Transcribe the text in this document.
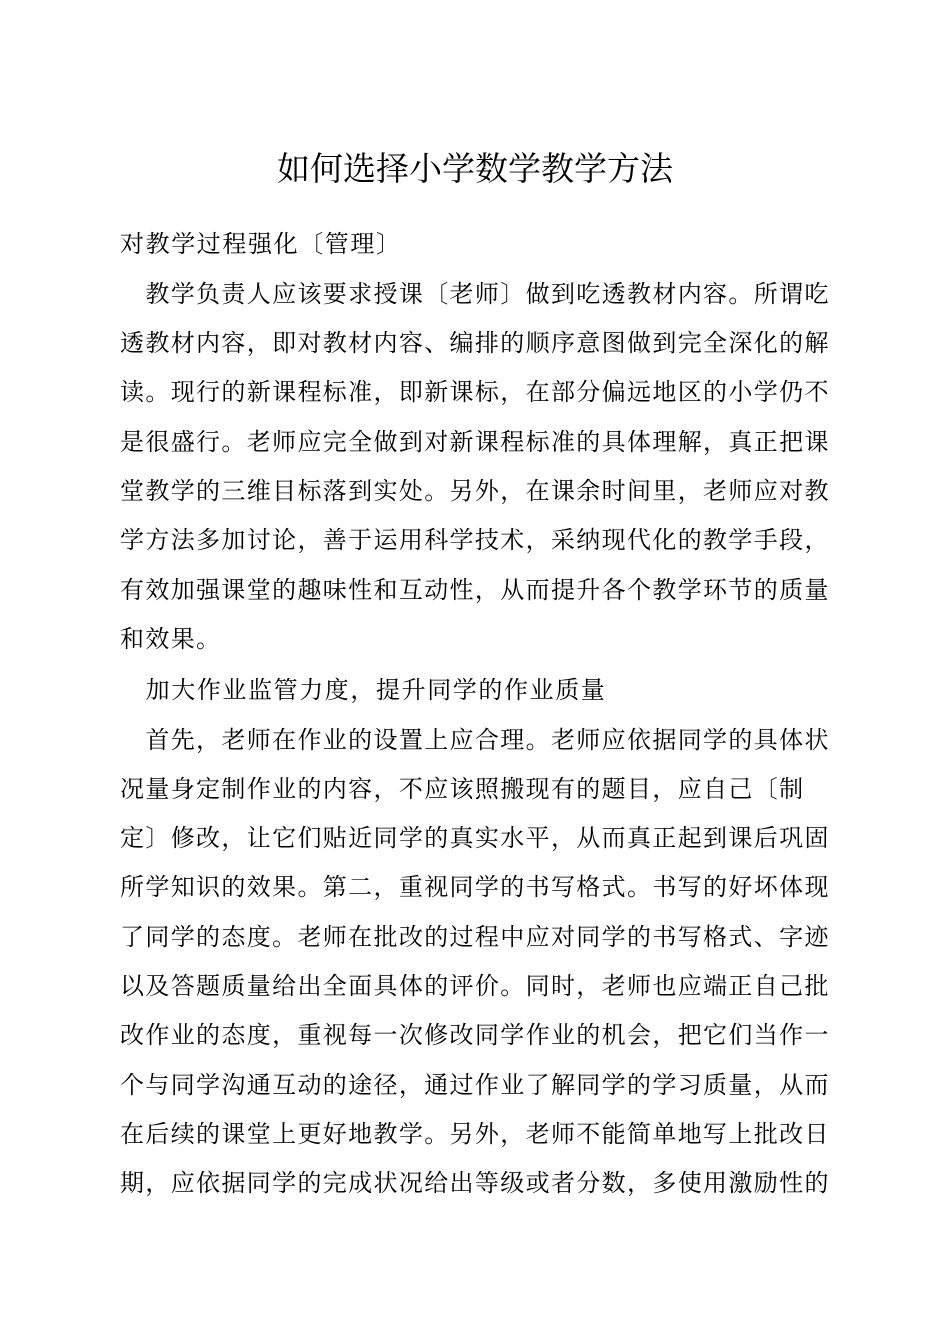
如何选择小学数学教学方法
对教学过程强化〔管理〕
　教学负责人应该要求授课〔老师〕做到吃透教材内容。所谓吃
透教材内容，即对教材内容、编排的顺序意图做到完全深化的解
读。现行的新课程标准，即新课标，在部分偏远地区的小学仍不
是很盛行。老师应完全做到对新课程标准的具体理解，真正把课
堂教学的三维目标落到实处。另外，在课余时间里，老师应对教
学方法多加讨论，善于运用科学技术，采纳现代化的教学手段，
有效加强课堂的趣味性和互动性，从而提升各个教学环节的质量
和效果。
　加大作业监管力度，提升同学的作业质量
　首先，老师在作业的设置上应合理。老师应依据同学的具体状
况量身定制作业的内容，不应该照搬现有的题目，应自己〔制
定〕修改，让它们贴近同学的真实水平，从而真正起到课后巩固
所学知识的效果。第二，重视同学的书写格式。书写的好坏体现
了同学的态度。老师在批改的过程中应对同学的书写格式、字迹
以及答题质量给出全面具体的评价。同时，老师也应端正自己批
改作业的态度，重视每一次修改同学作业的机会，把它们当作一
个与同学沟通互动的途径，通过作业了解同学的学习质量，从而
在后续的课堂上更好地教学。另外，老师不能简单地写上批改日
期，应依据同学的完成状况给出等级或者分数，多使用激励性的
